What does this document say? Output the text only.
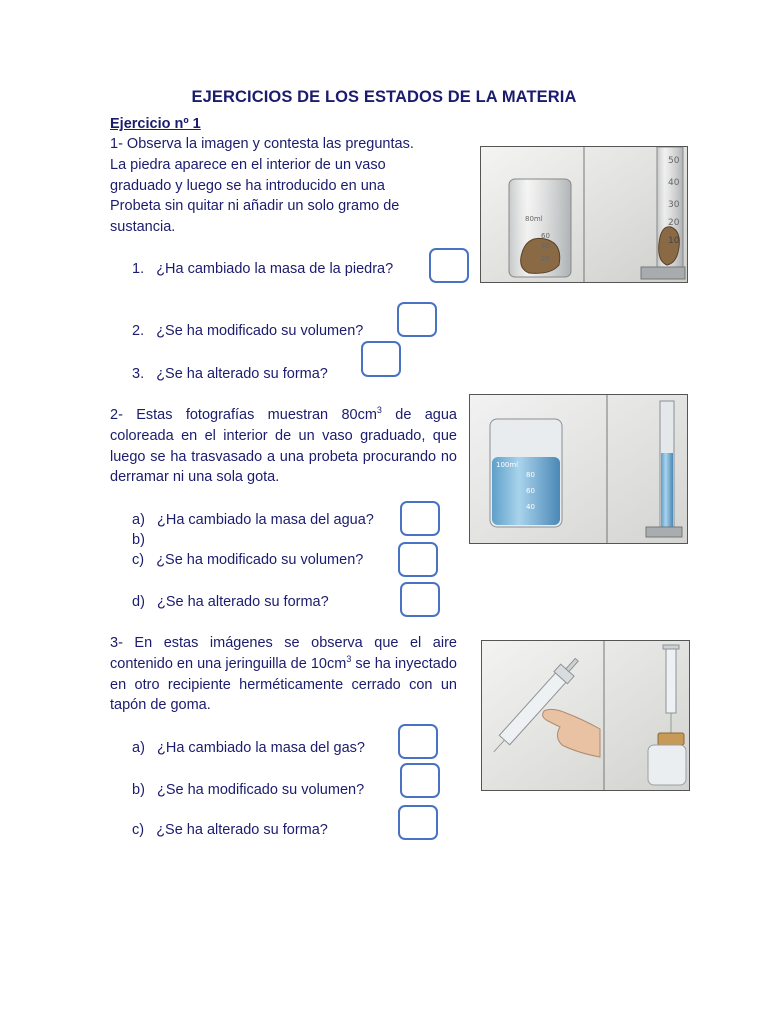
EJERCICIOS DE LOS ESTADOS DE LA MATERIA
Ejercicio nº 1
1- Observa la imagen y contesta las preguntas.
La piedra aparece en el interior de un vaso
graduado y luego se ha introducido en una
Probeta sin quitar ni añadir un solo gramo de
sustancia.
1. ¿Ha cambiado la masa de la piedra?
2. ¿Se ha modificado su volumen?
3. ¿Se ha alterado su forma?
80ml
60
40
20
50
40
30
20
10
2- Estas fotografías muestran $80cm^3$ de agua coloreada en el interior de un vaso graduado, que luego se ha trasvasado a una probeta procurando no derramar ni una sola gota.
a) ¿Ha cambiado la masa del agua?
b)
c) ¿Se ha modificado su volumen?
d) ¿Se ha alterado su forma?
100ml
80
60
40
3- En estas imágenes se observa que el aire contenido en una jeringuilla de $10cm^3$ se ha inyectado en otro recipiente herméticamente cerrado con un tapón de goma.
a) ¿Ha cambiado la masa del gas?
b) ¿Se ha modificado su volumen?
c) ¿Se ha alterado su forma?
